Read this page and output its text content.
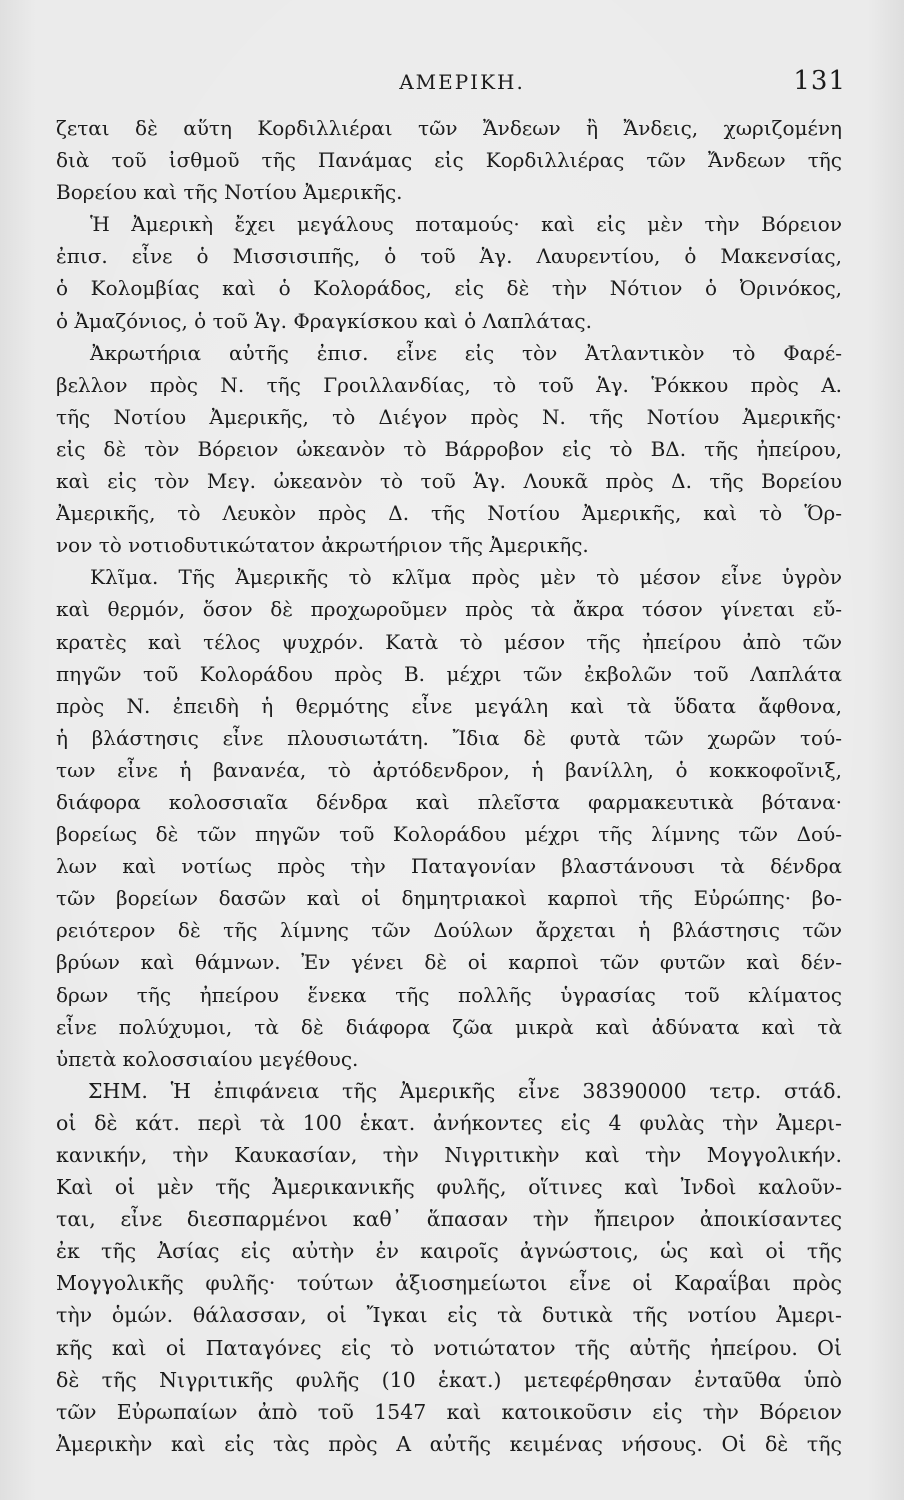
ΑΜΕΡΙΚΗ.	131
ζεται δὲ αὕτη Κορδιλλιέραι τῶν Ἄνδεων ἢ Ἄνδεις, χωριζομένη
διὰ τοῦ ἰσθμοῦ τῆς Πανάμας εἰς Κορδιλλιέρας τῶν Ἄνδεων τῆς
Βορείου καὶ τῆς Νοτίου Ἀμερικῆς.
Ἡ Ἀμερικὴ ἔχει μεγάλους ποταμούς· καὶ εἰς μὲν τὴν Βόρειον
ἐπισ. εἶνε ὁ Μισσισιπῆς, ὁ τοῦ Ἁγ. Λαυρεντίου, ὁ Μακενσίας,
ὁ Κολομβίας καὶ ὁ Κολοράδος, εἰς δὲ τὴν Νότιον ὁ Ὀρινόκος,
ὁ Ἀμαζόνιος, ὁ τοῦ Ἁγ. Φραγκίσκου καὶ ὁ Λαπλάτας.
Ἀκρωτήρια αὐτῆς ἐπισ. εἶνε εἰς τὸν Ἀτλαντικὸν τὸ Φαρέ-
βελλον πρὸς Ν. τῆς Γροιλλανδίας, τὸ τοῦ Ἁγ. Ῥόκκου πρὸς Α.
τῆς Νοτίου Ἀμερικῆς, τὸ Διέγον πρὸς Ν. τῆς Νοτίου Ἀμερικῆς·
εἰς δὲ τὸν Βόρειον ὠκεανὸν τὸ Βάρροβον εἰς τὸ ΒΔ. τῆς ἠπείρου,
καὶ εἰς τὸν Μεγ. ὠκεανὸν τὸ τοῦ Ἁγ. Λουκᾶ πρὸς Δ. τῆς Βορείου
Ἀμερικῆς, τὸ Λευκὸν πρὸς Δ. τῆς Νοτίου Ἀμερικῆς, καὶ τὸ Ὅρ-
νον τὸ νοτιοδυτικώτατον ἀκρωτήριον τῆς Ἀμερικῆς.
Κλῖμα. Τῆς Ἀμερικῆς τὸ κλῖμα πρὸς μὲν τὸ μέσον εἶνε ὑγρὸν
καὶ θερμόν, ὅσον δὲ προχωροῦμεν πρὸς τὰ ἄκρα τόσον γίνεται εὔ-
κρατὲς καὶ τέλος ψυχρόν. Κατὰ τὸ μέσον τῆς ἠπείρου ἀπὸ τῶν
πηγῶν τοῦ Κολοράδου πρὸς Β. μέχρι τῶν ἐκβολῶν τοῦ Λαπλάτα
πρὸς Ν. ἐπειδὴ ἡ θερμότης εἶνε μεγάλη καὶ τὰ ὕδατα ἄφθονα,
ἡ βλάστησις εἶνε πλουσιωτάτη. Ἴδια δὲ φυτὰ τῶν χωρῶν τού-
των εἶνε ἡ βανανέα, τὸ ἀρτόδενδρον, ἡ βανίλλη, ὁ κοκκοφοῖνιξ,
διάφορα κολοσσιαῖα δένδρα καὶ πλεῖστα φαρμακευτικὰ βότανα·
βορείως δὲ τῶν πηγῶν τοῦ Κολοράδου μέχρι τῆς λίμνης τῶν Δού-
λων καὶ νοτίως πρὸς τὴν Παταγονίαν βλαστάνουσι τὰ δένδρα
τῶν βορείων δασῶν καὶ οἱ δημητριακοὶ καρποὶ τῆς Εὐρώπης· βο-
ρειότερον δὲ τῆς λίμνης τῶν Δούλων ἄρχεται ἡ βλάστησις τῶν
βρύων καὶ θάμνων. Ἐν γένει δὲ οἱ καρποὶ τῶν φυτῶν καὶ δέν-
δρων τῆς ἠπείρου ἕνεκα τῆς πολλῆς ὑγρασίας τοῦ κλίματος
εἶνε πολύχυμοι, τὰ δὲ διάφορα ζῶα μικρὰ καὶ ἀδύνατα καὶ τὰ
ὑπετὰ κολοσσιαίου μεγέθους.
ΣΗΜ. Ἡ ἐπιφάνεια τῆς Ἀμερικῆς εἶνε 38390000 τετρ. στάδ.
οἱ δὲ κάτ. περὶ τὰ 100 ἑκατ. ἀνήκοντες εἰς 4 φυλὰς τὴν Ἀμερι-
κανικήν, τὴν Καυκασίαν, τὴν Νιγριτικὴν καὶ τὴν Μογγολικήν.
Καὶ οἱ μὲν τῆς Ἀμερικανικῆς φυλῆς, οἵτινες καὶ Ἰνδοὶ καλοῦν-
ται, εἶνε διεσπαρμένοι καθ᾽ ἅπασαν τὴν ἤπειρον ἀποικίσαντες
ἐκ τῆς Ἀσίας εἰς αὐτὴν ἐν καιροῖς ἀγνώστοις, ὡς καὶ οἱ τῆς
Μογγολικῆς φυλῆς· τούτων ἀξιοσημείωτοι εἶνε οἱ Καραΐβαι πρὸς
τὴν ὁμών. θάλασσαν, οἱ Ἴγκαι εἰς τὰ δυτικὰ τῆς νοτίου Ἀμερι-
κῆς καὶ οἱ Παταγόνες εἰς τὸ νοτιώτατον τῆς αὐτῆς ἠπείρου. Οἱ
δὲ τῆς Νιγριτικῆς φυλῆς (10 ἑκατ.) μετεφέρθησαν ἐνταῦθα ὑπὸ
τῶν Εὐρωπαίων ἀπὸ τοῦ 1547 καὶ κατοικοῦσιν εἰς τὴν Βόρειον
Ἀμερικὴν καὶ εἰς τὰς πρὸς Α αὐτῆς κειμένας νήσους. Οἱ δὲ τῆς
